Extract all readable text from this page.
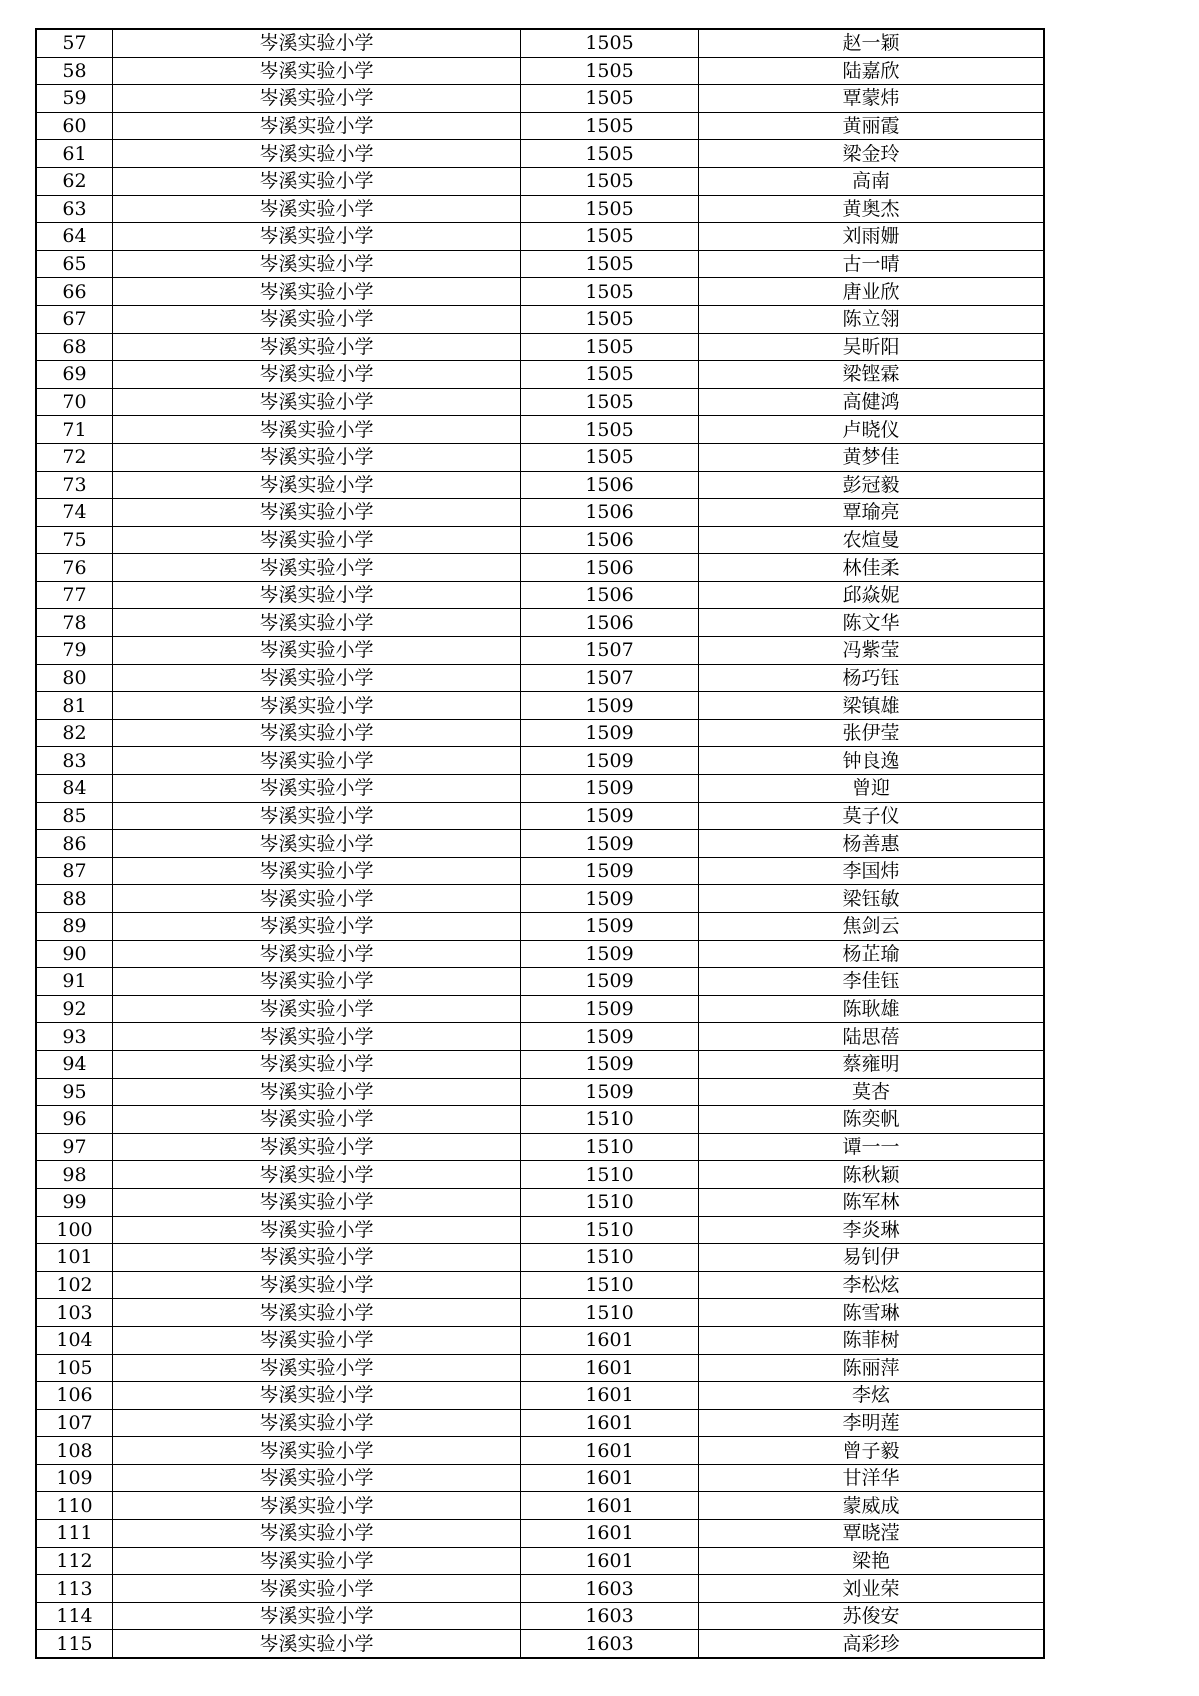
57	岑溪实验小学	1505	赵一颖
58	岑溪实验小学	1505	陆嘉欣
59	岑溪实验小学	1505	覃蒙炜
60	岑溪实验小学	1505	黄丽霞
61	岑溪实验小学	1505	梁金玲
62	岑溪实验小学	1505	高南
63	岑溪实验小学	1505	黄奥杰
64	岑溪实验小学	1505	刘雨姗
65	岑溪实验小学	1505	古一晴
66	岑溪实验小学	1505	唐业欣
67	岑溪实验小学	1505	陈立翎
68	岑溪实验小学	1505	吴昕阳
69	岑溪实验小学	1505	梁铿霖
70	岑溪实验小学	1505	高健鸿
71	岑溪实验小学	1505	卢晓仪
72	岑溪实验小学	1505	黄梦佳
73	岑溪实验小学	1506	彭冠毅
74	岑溪实验小学	1506	覃瑜亮
75	岑溪实验小学	1506	农煊曼
76	岑溪实验小学	1506	林佳柔
77	岑溪实验小学	1506	邱焱妮
78	岑溪实验小学	1506	陈文华
79	岑溪实验小学	1507	冯紫莹
80	岑溪实验小学	1507	杨巧钰
81	岑溪实验小学	1509	梁镇雄
82	岑溪实验小学	1509	张伊莹
83	岑溪实验小学	1509	钟良逸
84	岑溪实验小学	1509	曾迎
85	岑溪实验小学	1509	莫子仪
86	岑溪实验小学	1509	杨善惠
87	岑溪实验小学	1509	李国炜
88	岑溪实验小学	1509	梁钰敏
89	岑溪实验小学	1509	焦剑云
90	岑溪实验小学	1509	杨芷瑜
91	岑溪实验小学	1509	李佳钰
92	岑溪实验小学	1509	陈耿雄
93	岑溪实验小学	1509	陆思蓓
94	岑溪实验小学	1509	蔡雍明
95	岑溪实验小学	1509	莫杏
96	岑溪实验小学	1510	陈奕帆
97	岑溪实验小学	1510	谭一一
98	岑溪实验小学	1510	陈秋颖
99	岑溪实验小学	1510	陈军林
100	岑溪实验小学	1510	李炎琳
101	岑溪实验小学	1510	易钊伊
102	岑溪实验小学	1510	李松炫
103	岑溪实验小学	1510	陈雪琳
104	岑溪实验小学	1601	陈菲树
105	岑溪实验小学	1601	陈丽萍
106	岑溪实验小学	1601	李炫
107	岑溪实验小学	1601	李明莲
108	岑溪实验小学	1601	曾子毅
109	岑溪实验小学	1601	甘洋华
110	岑溪实验小学	1601	蒙威成
111	岑溪实验小学	1601	覃晓滢
112	岑溪实验小学	1601	梁艳
113	岑溪实验小学	1603	刘业荣
114	岑溪实验小学	1603	苏俊安
115	岑溪实验小学	1603	高彩珍
